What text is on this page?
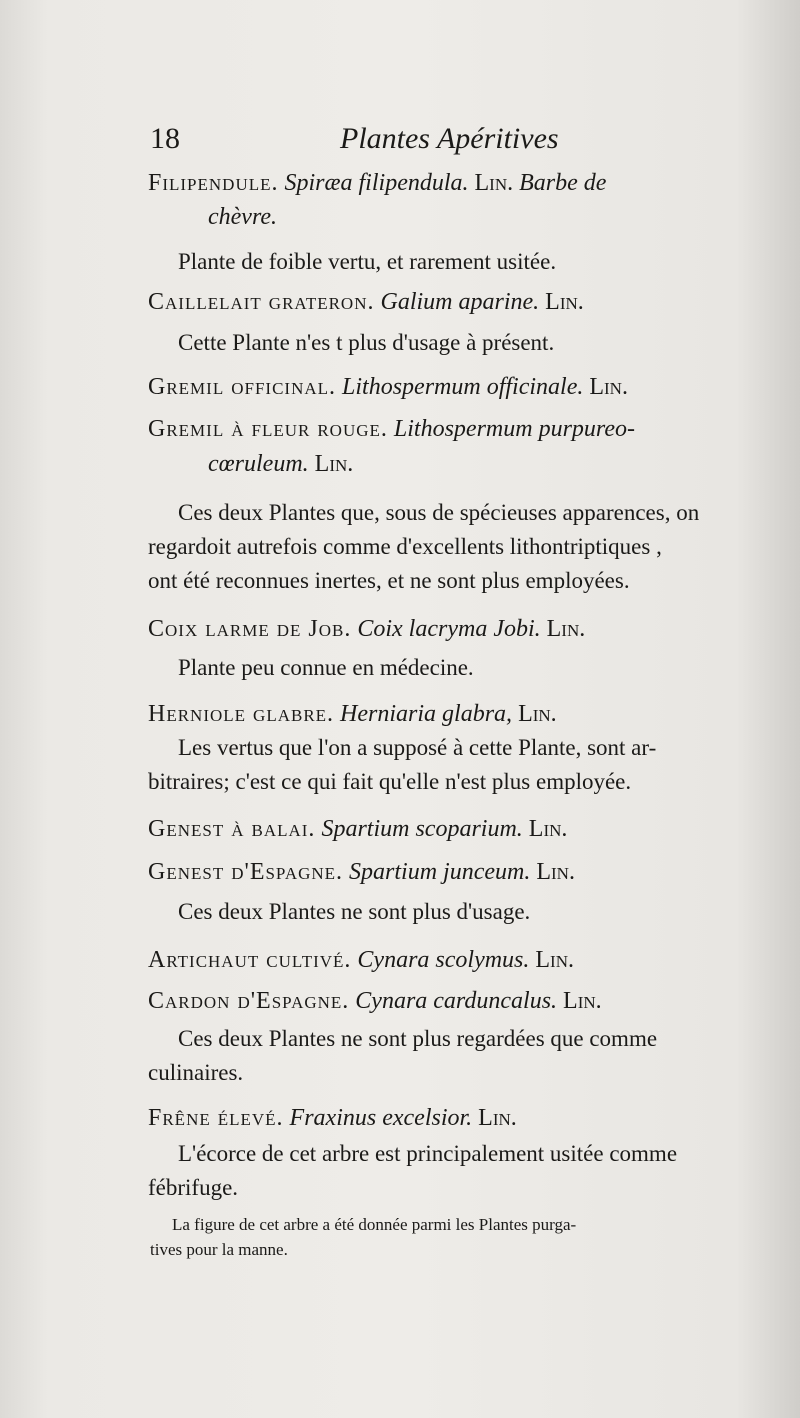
18	Plantes Apéritives
Filipendule. Spiræa filipendula. Lin. Barbe de
chèvre.
Plante de foible vertu, et rarement usitée.
Caillelait grateron. Galium aparine. Lin.
Cette Plante n'es t plus d'usage à présent.
Gremil officinal. Lithospermum officinale. Lin.
Gremil à fleur rouge. Lithospermum purpureo-
cœruleum. Lin.
Ces deux Plantes que, sous de spécieuses apparences, on
regardoit autrefois comme d'excellents lithontriptiques ,
ont été reconnues inertes, et ne sont plus employées.
Coix larme de Job. Coix lacryma Jobi. Lin.
Plante peu connue en médecine.
Herniole glabre. Herniaria glabra, Lin.
Les vertus que l'on a supposé à cette Plante, sont ar-
bitraires; c'est ce qui fait qu'elle n'est plus employée.
Genest à balai. Spartium scoparium. Lin.
Genest d'Espagne. Spartium junceum. Lin.
Ces deux Plantes ne sont plus d'usage.
Artichaut cultivé. Cynara scolymus. Lin.
Cardon d'Espagne. Cynara carduncalus. Lin.
Ces deux Plantes ne sont plus regardées que comme
culinaires.
Frêne élevé. Fraxinus excelsior. Lin.
L'écorce de cet arbre est principalement usitée comme
fébrifuge.
La figure de cet arbre a été donnée parmi les Plantes purga-
tives pour la manne.
